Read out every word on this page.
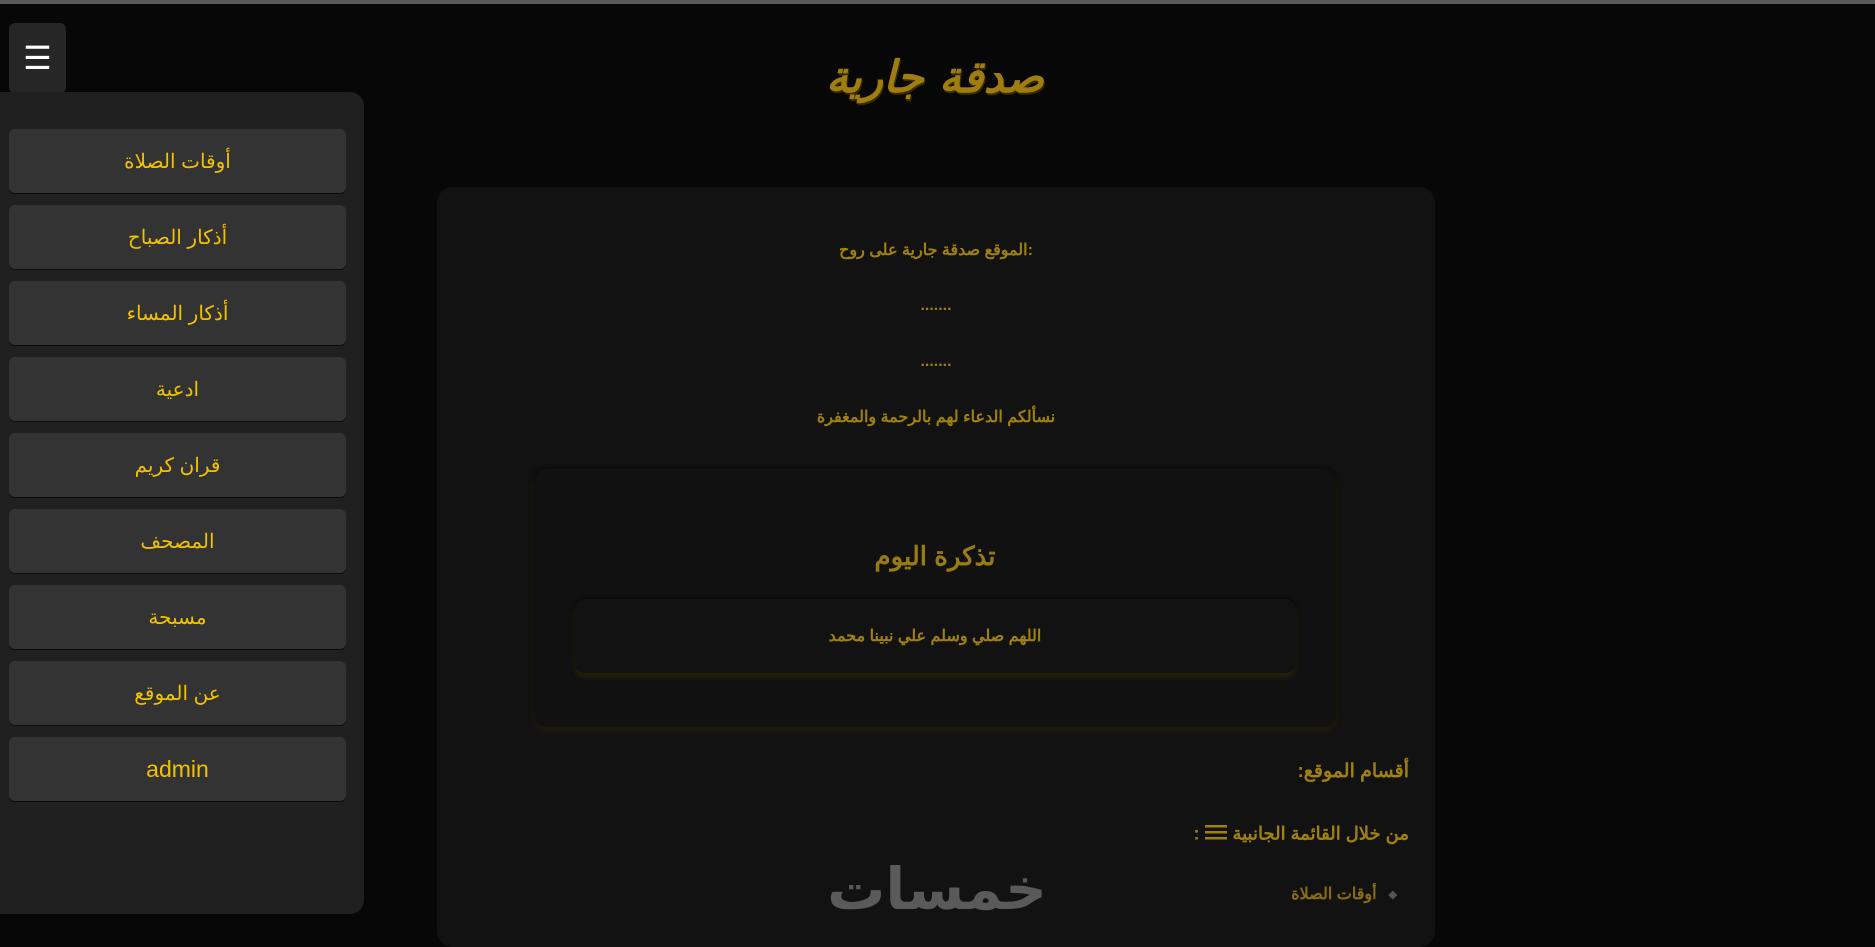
☰
أوقات الصلاة
أذكار الصباح
أذكار المساء
ادعية
قران كريم
المصحف
مسبحة
عن الموقع
admin
صدقة جارية
الموقع صدقة جارية على روح:
.......
.......
نسألكم الدعاء لهم بالرحمة والمغفرة
تذكرة اليوم
اللهم صلي وسلم علي نبينا محمد
أقسام الموقع:
من خلال القائمة الجانبية :
◆
أوقات الصلاة
خمسات
